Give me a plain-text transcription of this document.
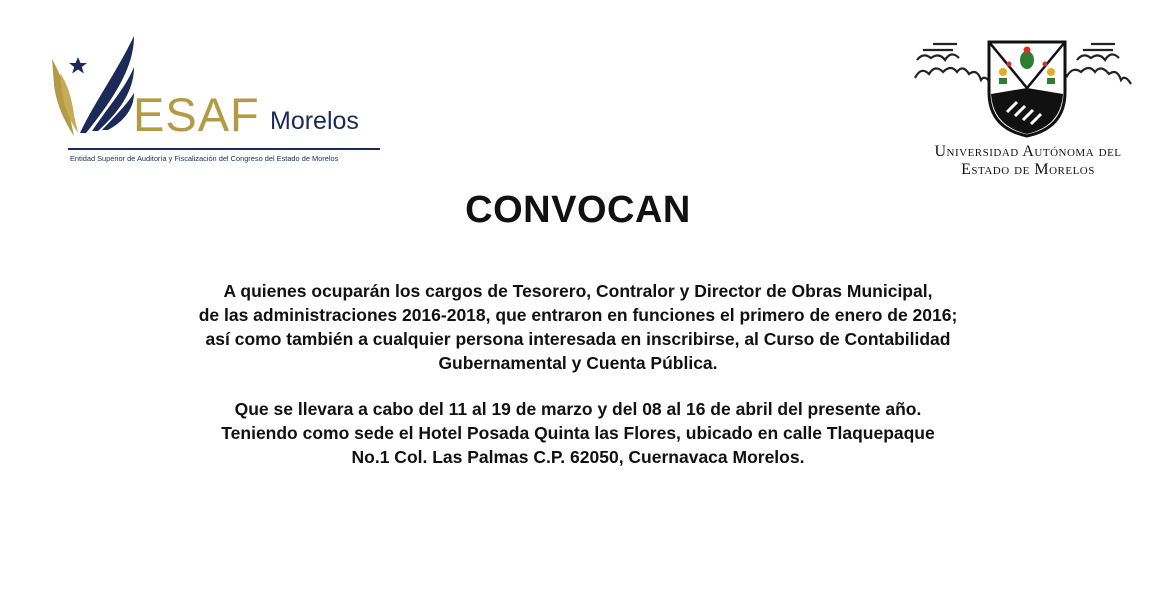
ESAF Morelos
Entidad Superior de Auditoría y Fiscalización del Congreso del Estado de Morelos	Universidad Autónoma del
Estado de Morelos
CONVOCAN
A quienes ocuparán los cargos de Tesorero, Contralor y Director de Obras Municipal,
de las administraciones 2016-2018, que entraron en funciones el primero de enero de 2016;
así como también a cualquier persona interesada en inscribirse, al Curso de Contabilidad
Gubernamental y Cuenta Pública.
Que se llevara a cabo del 11 al 19 de marzo y del 08 al 16 de abril del presente año.
Teniendo como sede el Hotel Posada Quinta las Flores, ubicado en calle Tlaquepaque
No.1 Col. Las Palmas C.P. 62050, Cuernavaca Morelos.
